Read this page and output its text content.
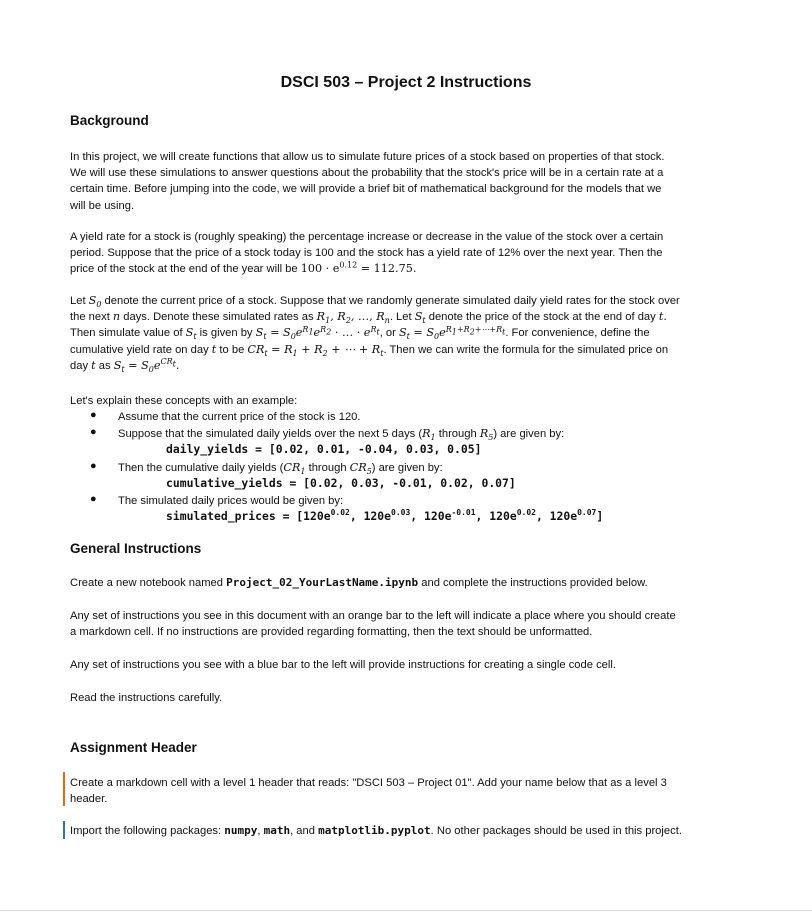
DSCI 503 – Project 2 Instructions
Background
In this project, we will create functions that allow us to simulate future prices of a stock based on properties of that stock.
We will use these simulations to answer questions about the probability that the stock's price will be in a certain rate at a
certain time. Before jumping into the code, we will provide a brief bit of mathematical background for the models that we
will be using.
A yield rate for a stock is (roughly speaking) the percentage increase or decrease in the value of the stock over a certain
period. Suppose that the price of a stock today is 100 and the stock has a yield rate of 12% over the next year. Then the
price of the stock at the end of the year will be $100 \cdot e^{0.12} = 112.75$.
Let $S_0$ denote the current price of a stock. Suppose that we randomly generate simulated daily yield rates for the stock over
the next n days. Denote these simulated rates as $R_1$, $R_2$, …, $R_n$. Let $S_t$ denote the price of the stock at the end of day t.
Then simulate value of $S_t$ is given by $S_t = S_0e^{R_1}e^{R_2}$ · … · $e^{R_t}$, or $S_t = S_0e^{R_1+R_2+\cdots+R_t}$. For convenience, define the
cumulative yield rate on day t to be $CR_t = R_1 + R_2$ + ⋯ + $R_t$. Then we can write the formula for the simulated price on
day t as $S_t = S_0e^{CR_t}$.
Let's explain these concepts with an example:
● Assume that the current price of the stock is 120.
● Suppose that the simulated daily yields over the next 5 days ($R_1$ through $R_5$) are given by:
daily_yields = [0.02, 0.01, -0.04, 0.03, 0.05]
● Then the cumulative daily yields ($CR_1$ through $CR_5$) are given by:
cumulative_yields = [0.02, 0.03, -0.01, 0.02, 0.07]
● The simulated daily prices would be given by:
simulated_prices = [$120e^{0.02}$, $120e^{0.03}$, $120e^{-0.01}$, $120e^{0.02}$, $120e^{0.07}$]
General Instructions
Create a new notebook named Project_02_YourLastName.ipynb and complete the instructions provided below.
Any set of instructions you see in this document with an orange bar to the left will indicate a place where you should create
a markdown cell. If no instructions are provided regarding formatting, then the text should be unformatted.
Any set of instructions you see with a blue bar to the left will provide instructions for creating a single code cell.
Read the instructions carefully.
Assignment Header
Create a markdown cell with a level 1 header that reads: "DSCI 503 – Project 01". Add your name below that as a level 3
header.
Import the following packages: numpy, math, and matplotlib.pyplot. No other packages should be used in this project.
